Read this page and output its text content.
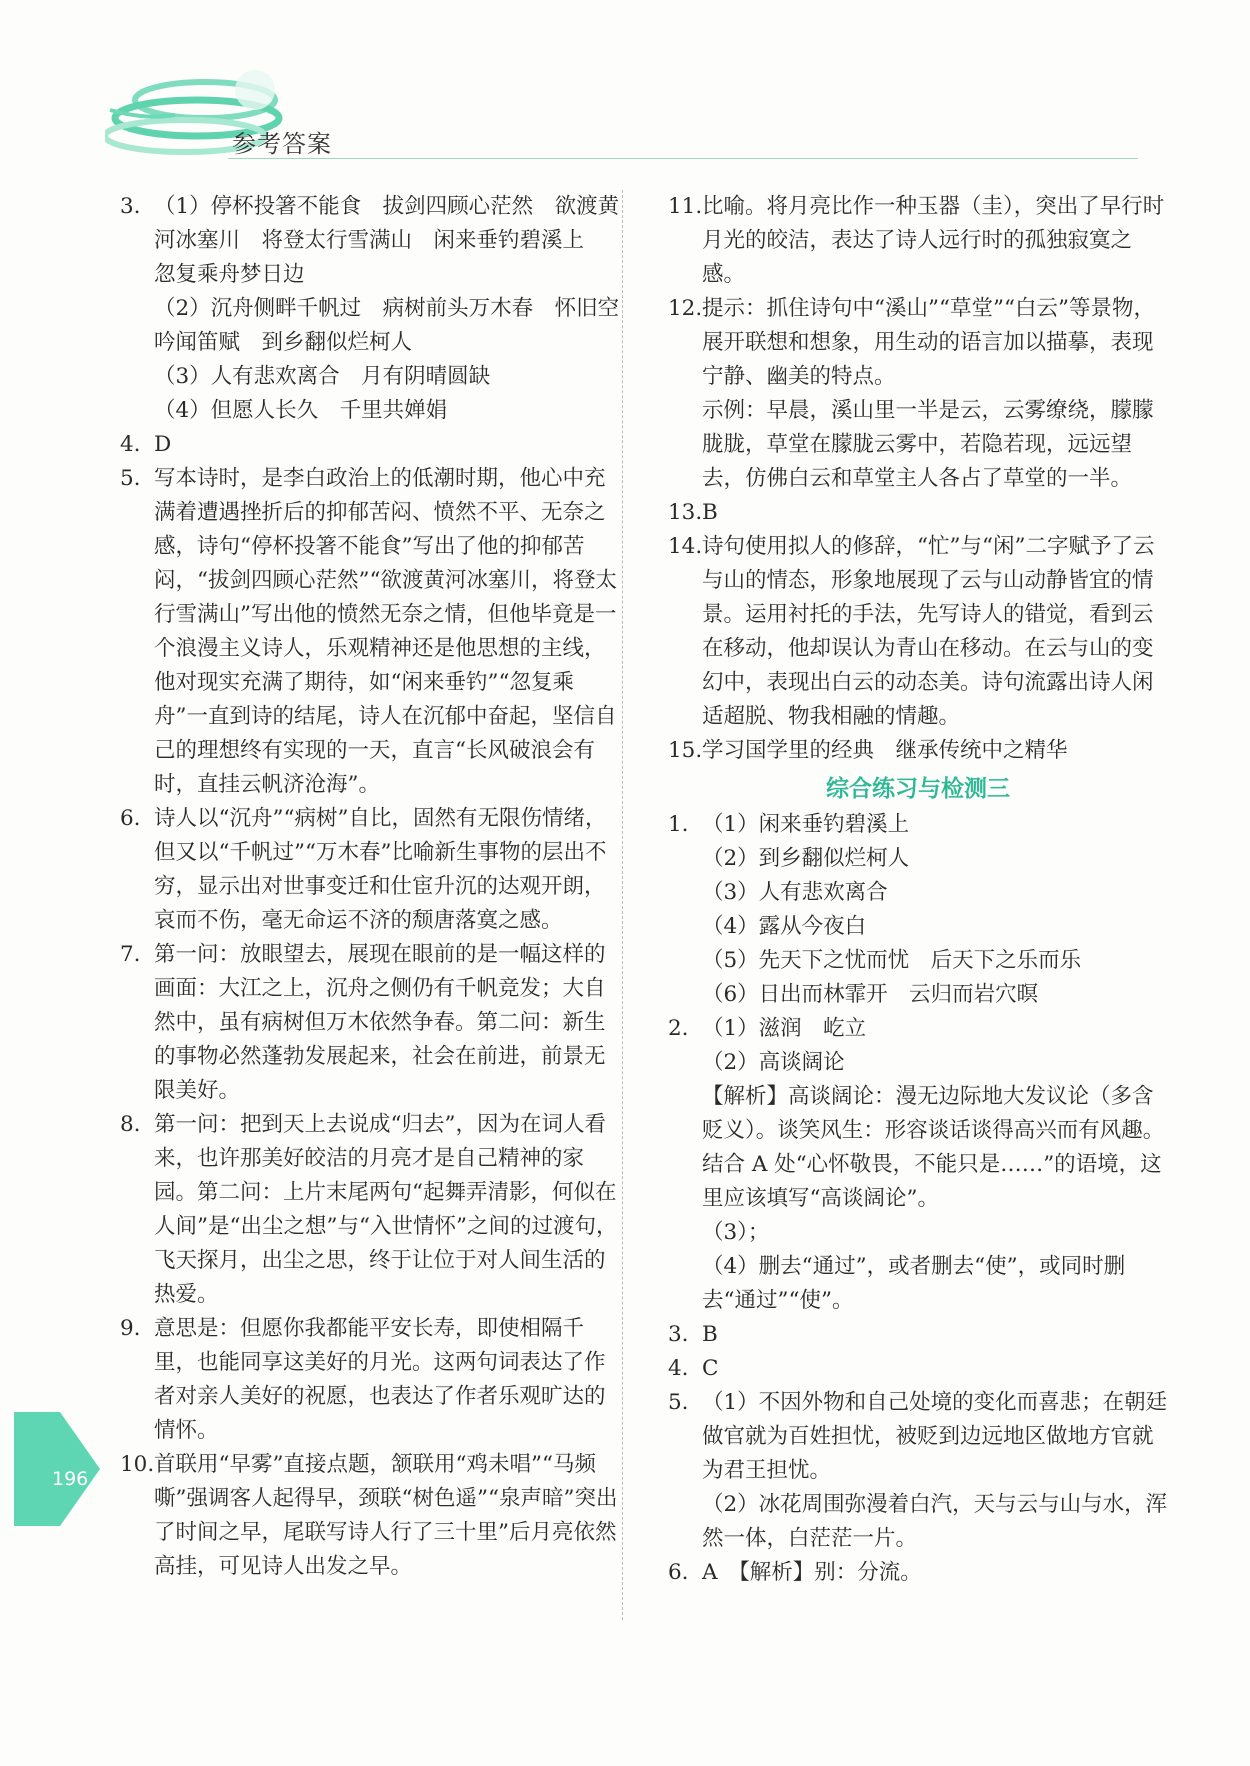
参考答案
3. （1）停杯投箸不能食　拔剑四顾心茫然　欲渡黄河冰塞川　将登太行雪满山　闲来垂钓碧溪上　忽复乘舟梦日边
（2）沉舟侧畔千帆过　病树前头万木春　怀旧空吟闻笛赋　到乡翻似烂柯人
（3）人有悲欢离合　月有阴晴圆缺
（4）但愿人长久　千里共婵娟
4. D
5. 写本诗时，是李白政治上的低潮时期，他心中充满着遭遇挫折后的抑郁苦闷、愤然不平、无奈之感，诗句“停杯投箸不能食”写出了他的抑郁苦闷，“拔剑四顾心茫然”“欲渡黄河冰塞川，将登太行雪满山”写出他的愤然无奈之情，但他毕竟是一个浪漫主义诗人，乐观精神还是他思想的主线，他对现实充满了期待，如“闲来垂钓”“忽复乘舟”一直到诗的结尾，诗人在沉郁中奋起，坚信自己的理想终有实现的一天，直言“长风破浪会有时，直挂云帆济沧海”。
6. 诗人以“沉舟”“病树”自比，固然有无限伤情绪，但又以“千帆过”“万木春”比喻新生事物的层出不穷，显示出对世事变迁和仕宦升沉的达观开朗，哀而不伤，毫无命运不济的颓唐落寞之感。
7. 第一问：放眼望去，展现在眼前的是一幅这样的画面：大江之上，沉舟之侧仍有千帆竞发；大自然中，虽有病树但万木依然争春。第二问：新生的事物必然蓬勃发展起来，社会在前进，前景无限美好。
8. 第一问：把到天上去说成“归去”，因为在词人看来，也许那美好皎洁的月亮才是自己精神的家园。第二问：上片末尾两句“起舞弄清影，何似在人间”是“出尘之想”与“入世情怀”之间的过渡句，飞天探月，出尘之思，终于让位于对人间生活的热爱。
9. 意思是：但愿你我都能平安长寿，即使相隔千里，也能同享这美好的月光。这两句词表达了作者对亲人美好的祝愿，也表达了作者乐观旷达的情怀。
10. 首联用“早雾”直接点题，颔联用“鸡未唱”“马频嘶”强调客人起得早，颈联“树色遥”“泉声暗”突出了时间之早，尾联写诗人行了三十里”后月亮依然高挂，可见诗人出发之早。
11. 比喻。将月亮比作一种玉器（圭），突出了早行时月光的皎洁，表达了诗人远行时的孤独寂寞之感。
12. 提示：抓住诗句中“溪山”“草堂”“白云”等景物，展开联想和想象，用生动的语言加以描摹，表现宁静、幽美的特点。
示例：早晨，溪山里一半是云，云雾缭绕，朦朦胧胧，草堂在朦胧云雾中，若隐若现，远远望去，仿佛白云和草堂主人各占了草堂的一半。
13. B
14. 诗句使用拟人的修辞，“忙”与“闲”二字赋予了云与山的情态，形象地展现了云与山动静皆宜的情景。运用衬托的手法，先写诗人的错觉，看到云在移动，他却误认为青山在移动。在云与山的变幻中，表现出白云的动态美。诗句流露出诗人闲适超脱、物我相融的情趣。
15. 学习国学里的经典　继承传统中之精华
综合练习与检测三
1. （1）闲来垂钓碧溪上
（2）到乡翻似烂柯人
（3）人有悲欢离合
（4）露从今夜白
（5）先天下之忧而忧　后天下之乐而乐
（6）日出而林霏开　云归而岩穴暝
2. （1）滋润　屹立
（2）高谈阔论
【解析】高谈阔论：漫无边际地大发议论（多含贬义）。谈笑风生：形容谈话谈得高兴而有风趣。结合 A 处“心怀敬畏，不能只是……”的语境，这里应该填写“高谈阔论”。
（3）；
（4）删去“通过”，或者删去“使”，或同时删去“通过”“使”。
3. B
4. C
5. （1）不因外物和自己处境的变化而喜悲；在朝廷做官就为百姓担忧，被贬到边远地区做地方官就为君王担忧。
（2）冰花周围弥漫着白汽，天与云与山与水，浑然一体，白茫茫一片。
6. A　【解析】别：分流。
196
